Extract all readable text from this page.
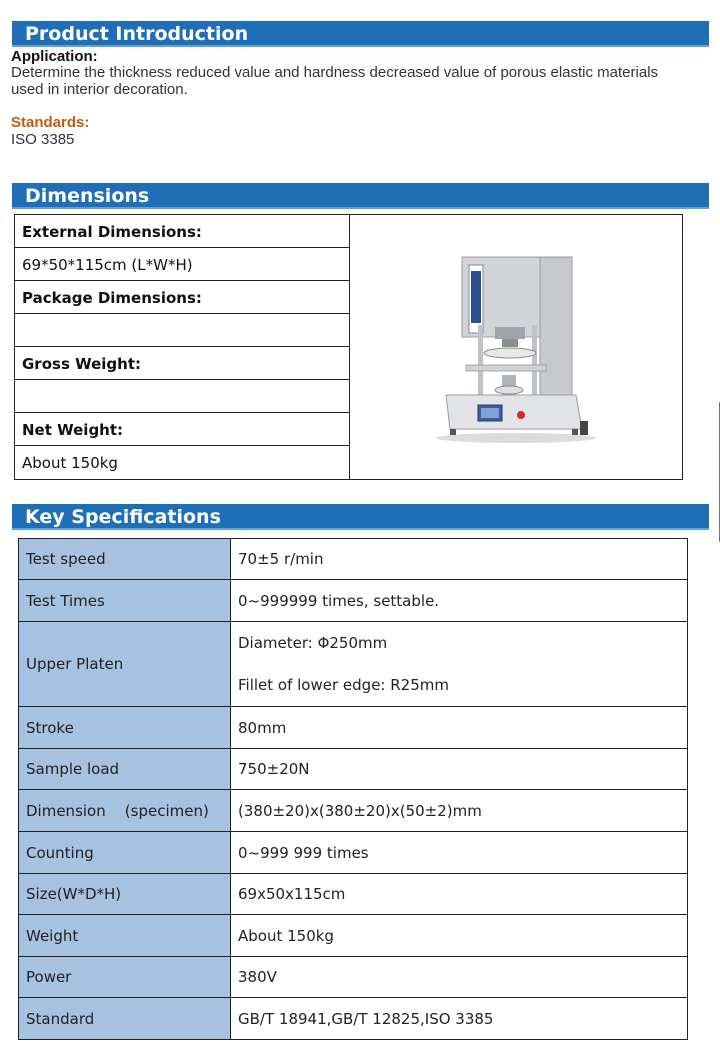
Product Introduction
Application:
Determine the thickness reduced value and hardness decreased value of porous elastic materials
used in interior decoration.
Standards:
ISO 3385
Dimensions
External Dimensions:
69*50*115cm (L*W*H)
Package Dimensions:
Gross Weight:
Net Weight:
About 150kg
Key Specifications
Test speed	70±5 r/min

Test Times	0~999999 times, settable.

Upper Platen	Diameter: Φ250mm
Fillet of lower edge: R25mm

Stroke	80mm

Sample load	750±20N

Dimension    (specimen)	(380±20)x(380±20)x(50±2)mm

Counting	0~999 999 times

Size(W*D*H)	69x50x115cm

Weight	About 150kg

Power	380V

Standard	GB/T 18941,GB/T 12825,ISO 3385
